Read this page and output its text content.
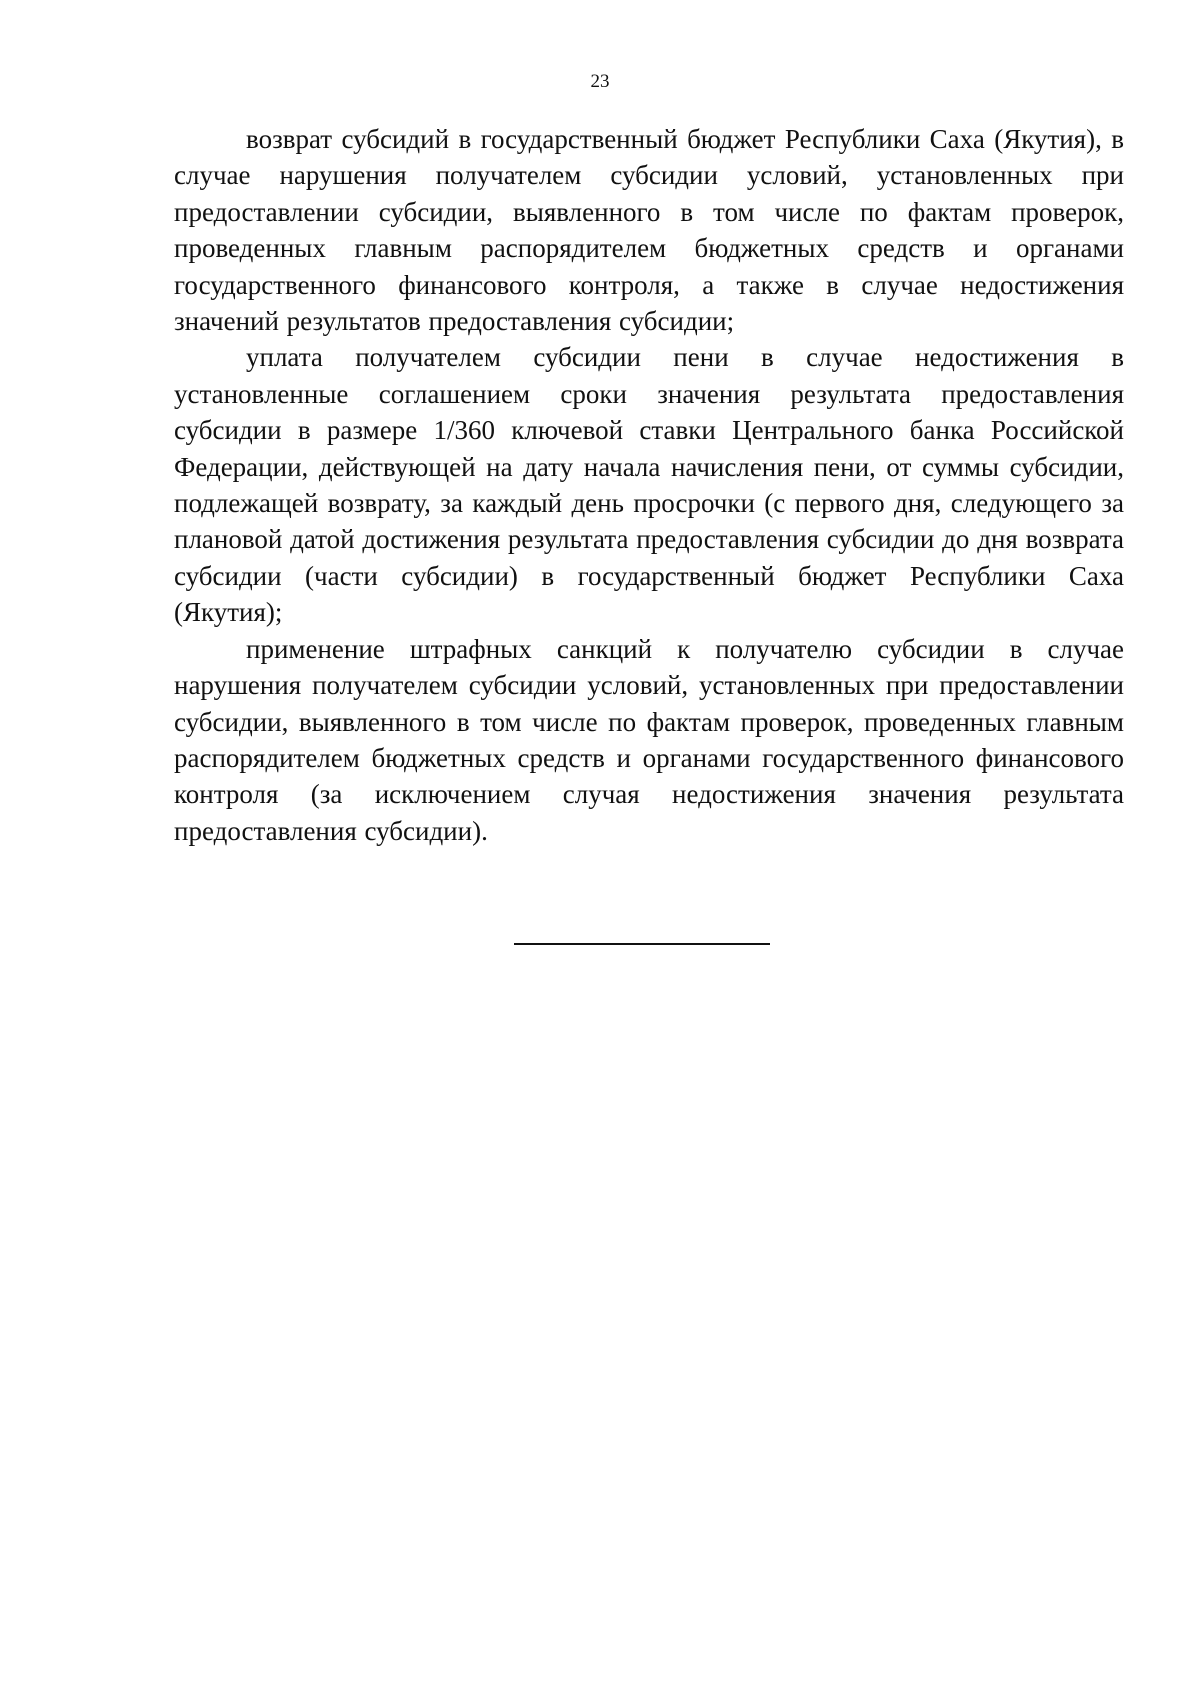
23

возврат субсидий в государственный бюджет Республики Саха (Якутия), в случае нарушения получателем субсидии условий, установленных при предоставлении субсидии, выявленного в том числе по фактам проверок, проведенных главным распорядителем бюджетных средств и органами государственного финансового контроля, а также в случае недостижения значений результатов предоставления субсидии;

уплата получателем субсидии пени в случае недостижения в установленные соглашением сроки значения результата предоставления субсидии в размере 1/360 ключевой ставки Центрального банка Российской Федерации, действующей на дату начала начисления пени, от суммы субсидии, подлежащей возврату, за каждый день просрочки (с первого дня, следующего за плановой датой достижения результата предоставления субсидии до дня возврата субсидии (части субсидии) в государственный бюджет Республики Саха (Якутия);

применение штрафных санкций к получателю субсидии в случае нарушения получателем субсидии условий, установленных при предоставлении субсидии, выявленного в том числе по фактам проверок, проведенных главным распорядителем бюджетных средств и органами государственного финансового контроля (за исключением случая недостижения значения результата предоставления субсидии).
